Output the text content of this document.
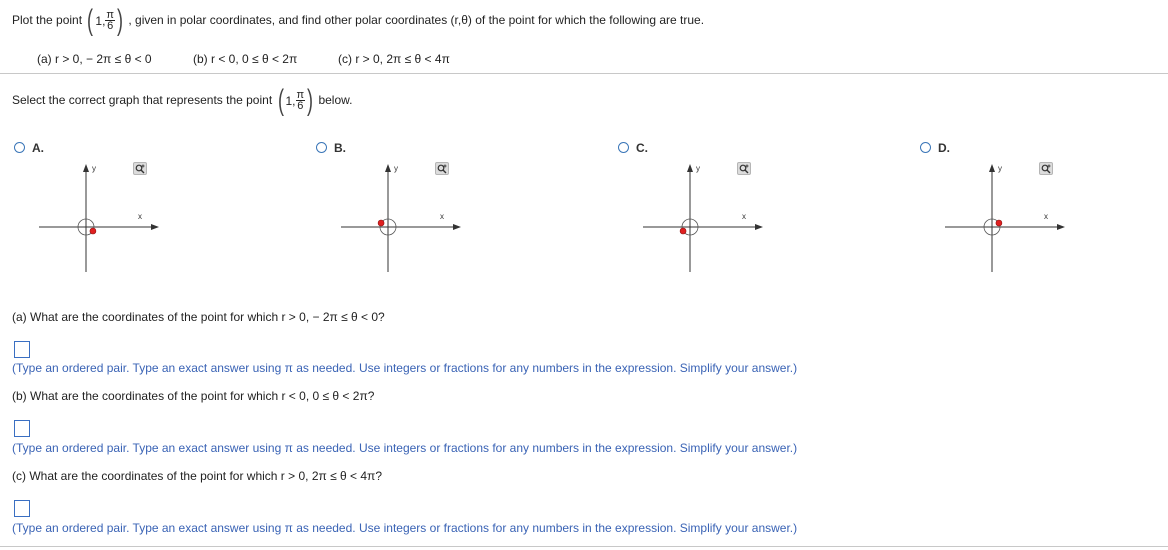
Plot the point ( 1, $\frac{\pi}{6}$ ) , given in polar coordinates, and find other polar coordinates (r,θ) of the point for which the following are true.
(a) r > 0, − 2π ≤ θ < 0	(b) r < 0, 0 ≤ θ < 2π	(c) r > 0, 2π ≤ θ < 4π
Select the correct graph that represents the point ( 1, $\frac{\pi}{6}$ ) below.
A.
y
x
B.
y
x
C.
y
x
D.
y
x
(a) What are the coordinates of the point for which r > 0, − 2π ≤ θ < 0?
(Type an ordered pair. Type an exact answer using π as needed. Use integers or fractions for any numbers in the expression. Simplify your answer.)
(b) What are the coordinates of the point for which r < 0, 0 ≤ θ < 2π?
(Type an ordered pair. Type an exact answer using π as needed. Use integers or fractions for any numbers in the expression. Simplify your answer.)
(c) What are the coordinates of the point for which r > 0, 2π ≤ θ < 4π?
(Type an ordered pair. Type an exact answer using π as needed. Use integers or fractions for any numbers in the expression. Simplify your answer.)
